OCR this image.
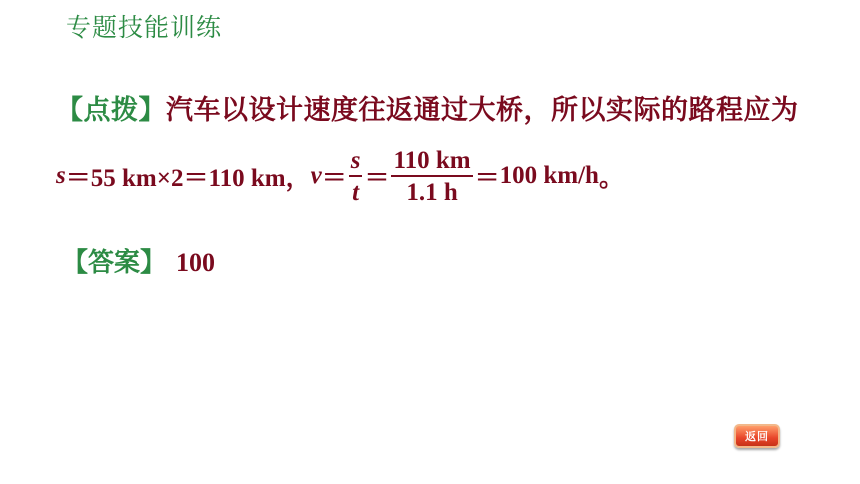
专题技能训练
【点拨】汽车以设计速度往返通过大桥，所以实际的路程应为
s ＝ 55 km×2＝110 km ， $v = \frac{s}{t} = \frac{110 km}{1.1 h} = 100$ km/h 。
【答案】 100
返回
